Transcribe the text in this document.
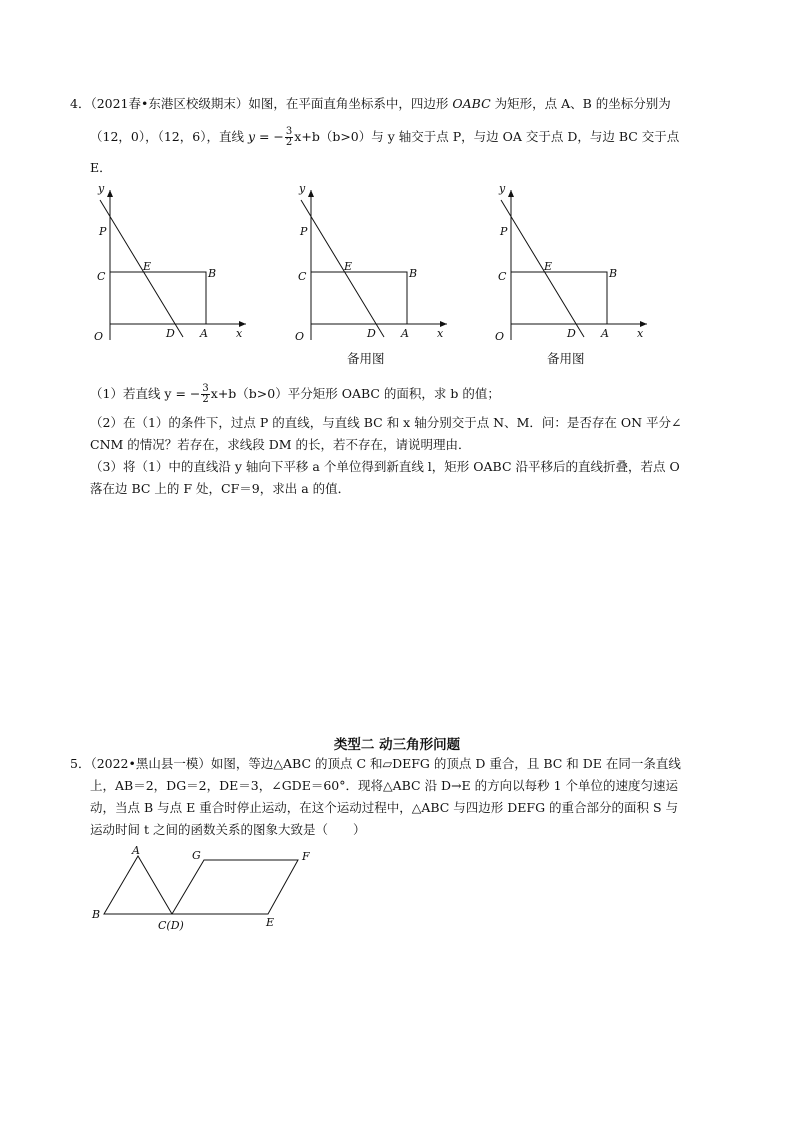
4．（2021春•东港区校级期末）如图，在平面直角坐标系中，四边形 OABC 为矩形，点 A、B 的坐标分别为
（12，0），（12，6），直线 y = − $\frac{3}{2} x+b(b>0)$与 y 轴交于点 P，与边 OA 交于点 D，与边 BC 交于点
E．
y
x
O	A
B
C
D
E
P
y
x
O	A
B
C
D
E
P
备用图
y
x
O	A
B
C
D
E
P
备用图
（1）若直线 y = − $\frac{3}{2} x+b(b>0)$平分矩形 OABC 的面积，求 b 的值；
（2）在（1）的条件下，过点 P 的直线，与直线 BC 和 x 轴分别交于点 N、M．问：是否存在 ON 平分∠
CNM 的情况？若存在，求线段 DM 的长，若不存在，请说明理由．
（3）将（1）中的直线沿 y 轴向下平移 a 个单位得到新直线 l，矩形 OABC 沿平移后的直线折叠，若点 O
落在边 BC 上的 F 处，CF＝9，求出 a 的值．
类型二 动三角形问题
5．（2022•黑山县一模）如图，等边△ABC 的顶点 C 和▱DEFG 的顶点 D 重合，且 BC 和 DE 在同一条直线
上，AB＝2，DG＝2，DE＝3，∠GDE＝60°．现将△ABC 沿 D→E 的方向以每秒 1 个单位的速度匀速运
动，当点 B 与点 E 重合时停止运动，在这个运动过程中，△ABC 与四边形 DEFG 的重合部分的面积 S 与
运动时间 t 之间的函数关系的图象大致是（　　）
A
B
C(D)	E
F
G
